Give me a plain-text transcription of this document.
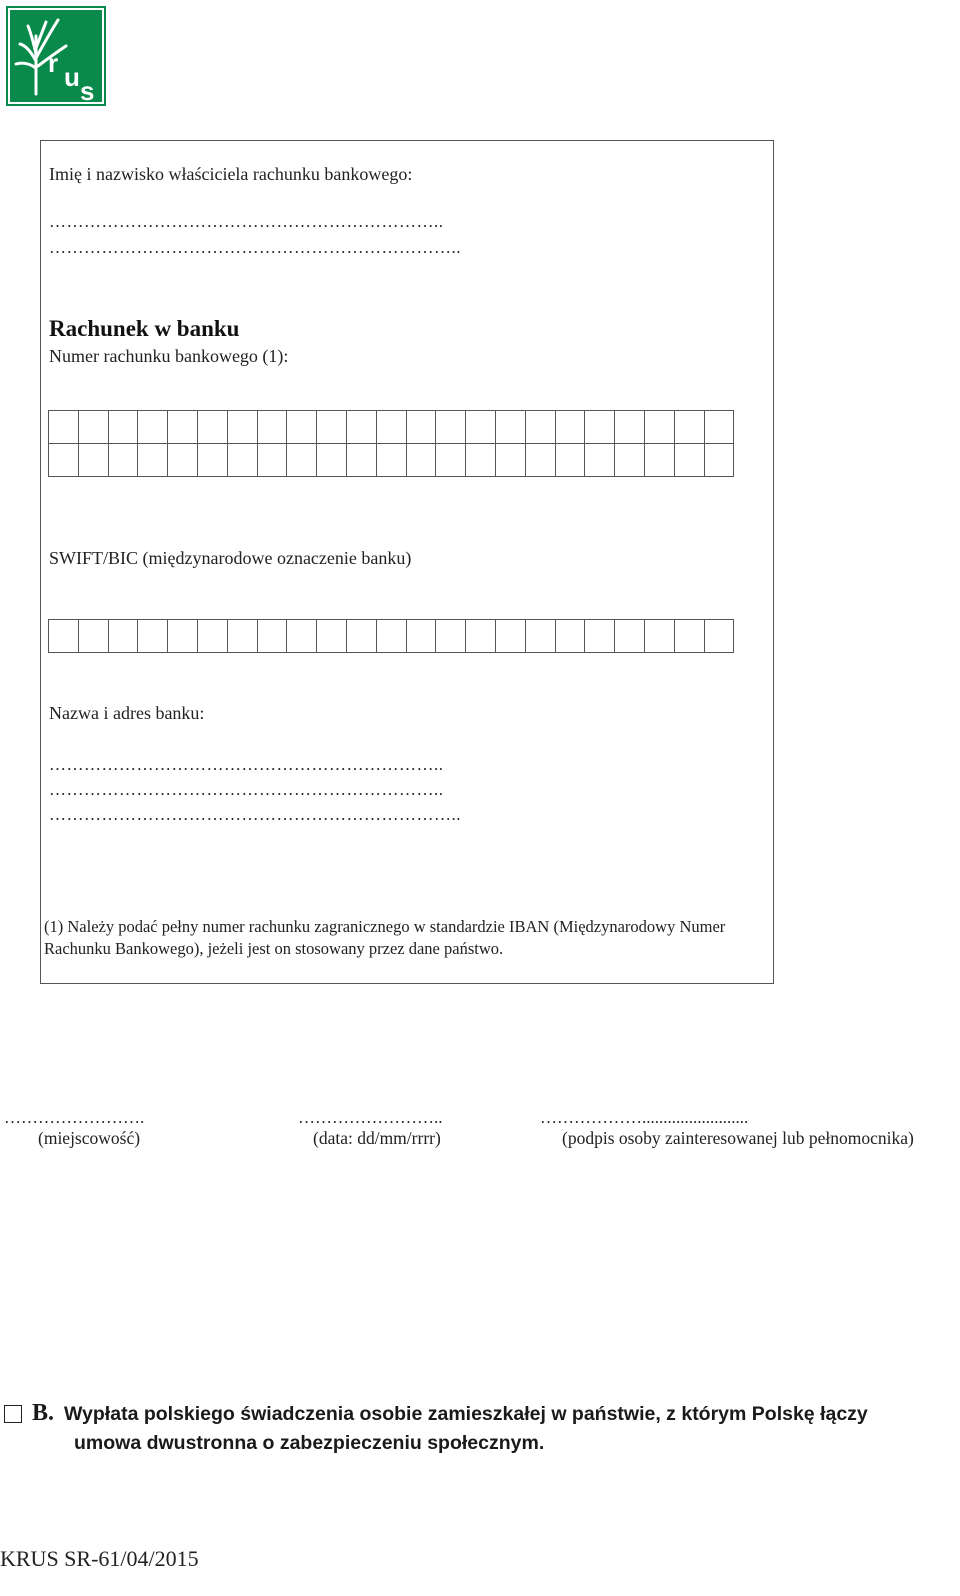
r u s
Imię i nazwisko właściciela rachunku bankowego:
…………………………………………………………..
……………………………………………………………..
Rachunek w banku
Numer rachunku bankowego (1):

SWIFT/BIC (międzynarodowe oznaczenie banku)

Nazwa i adres banku:
…………………………………………………………..
…………………………………………………………..
……………………………………………………………..
(1) Należy podać pełny numer rachunku zagranicznego w standardzie IBAN (Międzynarodowy Numer Rachunku Bankowego), jeżeli jest on stosowany przez dane państwo.
…………………….
(miejscowość)
……………………..
(data: dd/mm/rrrr)
……………….........................
(podpis osoby zainteresowanej lub pełnomocnika)
B. Wypłata polskiego świadczenia osobie zamieszkałej w państwie, z którym Polskę łączy
umowa dwustronna o zabezpieczeniu społecznym.
KRUS SR-61/04/2015
